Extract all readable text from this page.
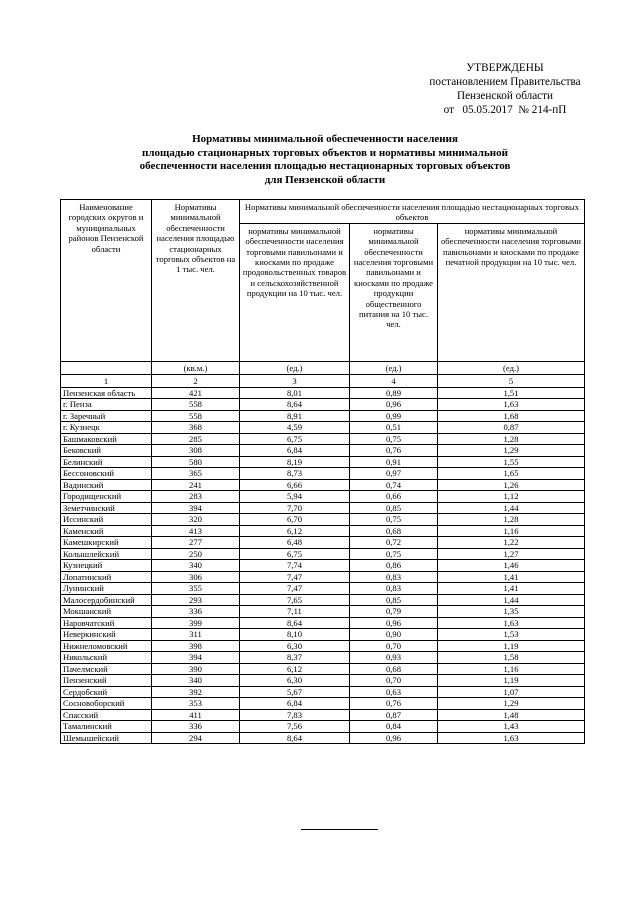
УТВЕРЖДЕНЫ
постановлением Правительства
Пензенской области
от   05.05.2017  № 214-пП
Нормативы минимальной обеспеченности населения
площадью стационарных торговых объектов и нормативы минимальной
обеспеченности населения площадью нестационарных торговых объектов
для Пензенской области
Наименование городских округов и муниципальных районов Пензенской области	Нормативы минимальной обеспеченности населения площадью стационарных торговых объектов на 1 тыс. чел.	Нормативы минимальной обеспеченности населения площадью нестационарных торговых объектов		
		нормативы минимальной обеспеченности населения торговыми павильонами и киосками по продаже продовольственных товаров и сельскохозяйственной продукции на 10 тыс. чел.	нормативы минимальной обеспеченности населения торговыми павильонами и киосками по продаже продукции общественного питания на 10 тыс. чел.	нормативы минимальной обеспеченности населения торговыми павильонами и киосками по продаже печатной продукции на 10 тыс. чел.
	(кв.м.)	(ед.)	(ед.)	(ед.)
1	2	3	4	5
Пензенская область	421	8,01	0,89	1,51
г. Пенза	558	8,64	0,96	1,63
г. Заречный	558	8,91	0,99	1,68
г. Кузнецк	368	4,59	0,51	0,87
Башмаковский	285	6,75	0,75	1,28
Бековский	308	6,84	0,76	1,29
Белинский	580	8,19	0,91	1,55
Бессоновский	365	8,73	0,97	1,65
Вадинский	241	6,66	0,74	1,26
Городищенский	283	5,94	0,66	1,12
Земетчинский	394	7,70	0,85	1,44
Иссинский	320	6,70	0,75	1,28
Каменский	413	6,12	0,68	1,16
Камешкирский	277	6,48	0,72	1,22
Колышлейский	250	6,75	0,75	1,27
Кузнецкий	340	7,74	0,86	1,46
Лопатинский	306	7,47	0,83	1,41
Лунинский	355	7,47	0,83	1,41
Малосердобинский	293	7,65	0,85	1,44
Мокшанский	336	7,11	0,79	1,35
Наровчатский	399	8,64	0,96	1,63
Неверкинский	311	8,10	0,90	1,53
Нижнеломовский	398	6,30	0,70	1,19
Никольский	394	8,37	0,93	1,58
Пачелмский	390	6,12	0,68	1,16
Пензенский	340	6,30	0,70	1,19
Сердобский	392	5,67	0,63	1,07
Сосновоборский	353	6,84	0,76	1,29
Спасский	411	7,83	0,87	1,48
Тамалинский	336	7,56	0,84	1,43
Шемышейский	294	8,64	0,96	1,63
